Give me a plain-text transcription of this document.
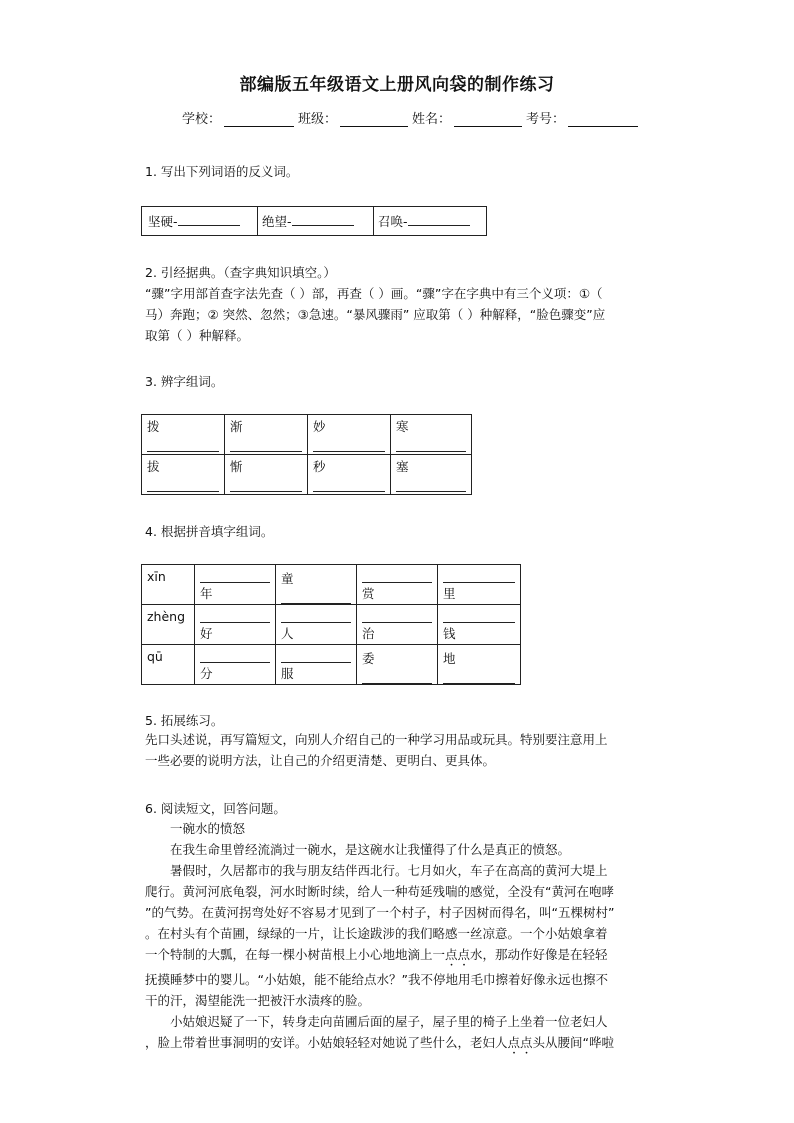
部编版五年级语文上册风向袋的制作练习
学校：	班级：	姓名：	考号：
1. 写出下列词语的反义词。
坚硬-	绝望-	召唤-
2. 引经据典。（查字典知识填空。）
“骤”字用部首查字法先查（ ）部，再查（ ）画。“骤”字在字典中有三个义项：①（
马）奔跑；② 突然、忽然；③急速。“暴风骤雨” 应取第（ ）种解释，“脸色骤变”应
取第（ ）种解释。
3. 辨字组词。
拨	渐	妙	寒

拔	惭	秒	塞
4. 根据拼音填字组词。
xīn	年	童	赏	里

zhèng	好	人	治	钱

qū	分	服	委	地
5. 拓展练习。
先口头述说，再写篇短文，向别人介绍自己的一种学习用品或玩具。特别要注意用上
一些必要的说明方法，让自己的介绍更清楚、更明白、更具体。
6. 阅读短文，回答问题。
一碗水的愤怒
在我生命里曾经流淌过一碗水，是这碗水让我懂得了什么是真正的愤怒。
暑假时，久居都市的我与朋友结伴西北行。七月如火，车子在高高的黄河大堤上
爬行。黄河河底龟裂，河水时断时续，给人一种苟延残喘的感觉，全没有“黄河在咆哮
”的气势。在黄河拐弯处好不容易才见到了一个村子，村子因树而得名，叫“五棵树村”
。在村头有个苗圃，绿绿的一片，让长途跋涉的我们略感一丝凉意。一个小姑娘拿着
一个特制的大瓢，在每一棵小树苗根上小心地地滴上一点点水，那动作好像是在轻轻
抚摸睡梦中的婴儿。“小姑娘，能不能给点水？”我不停地用毛巾擦着好像永远也擦不
干的汗，渴望能洗一把被汗水渍疼的脸。
小姑娘迟疑了一下，转身走向苗圃后面的屋子，屋子里的椅子上坐着一位老妇人
，脸上带着世事洞明的安详。小姑娘轻轻对她说了些什么，老妇人点点头从腰间“哗啦
